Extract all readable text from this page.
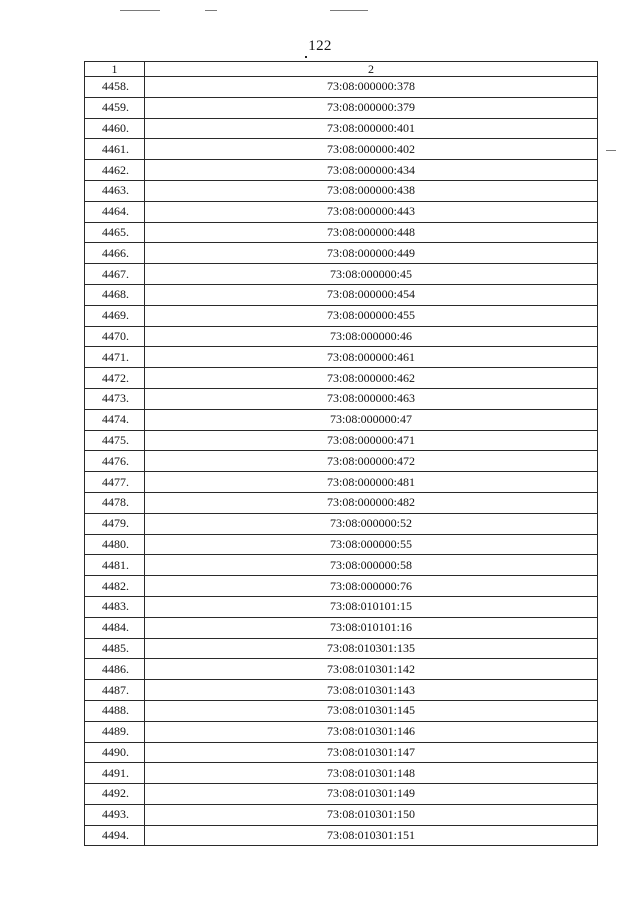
122
1	2
4458.	73:08:000000:378
4459.	73:08:000000:379
4460.	73:08:000000:401
4461.	73:08:000000:402
4462.	73:08:000000:434
4463.	73:08:000000:438
4464.	73:08:000000:443
4465.	73:08:000000:448
4466.	73:08:000000:449
4467.	73:08:000000:45
4468.	73:08:000000:454
4469.	73:08:000000:455
4470.	73:08:000000:46
4471.	73:08:000000:461
4472.	73:08:000000:462
4473.	73:08:000000:463
4474.	73:08:000000:47
4475.	73:08:000000:471
4476.	73:08:000000:472
4477.	73:08:000000:481
4478.	73:08:000000:482
4479.	73:08:000000:52
4480.	73:08:000000:55
4481.	73:08:000000:58
4482.	73:08:000000:76
4483.	73:08:010101:15
4484.	73:08:010101:16
4485.	73:08:010301:135
4486.	73:08:010301:142
4487.	73:08:010301:143
4488.	73:08:010301:145
4489.	73:08:010301:146
4490.	73:08:010301:147
4491.	73:08:010301:148
4492.	73:08:010301:149
4493.	73:08:010301:150
4494.	73:08:010301:151
